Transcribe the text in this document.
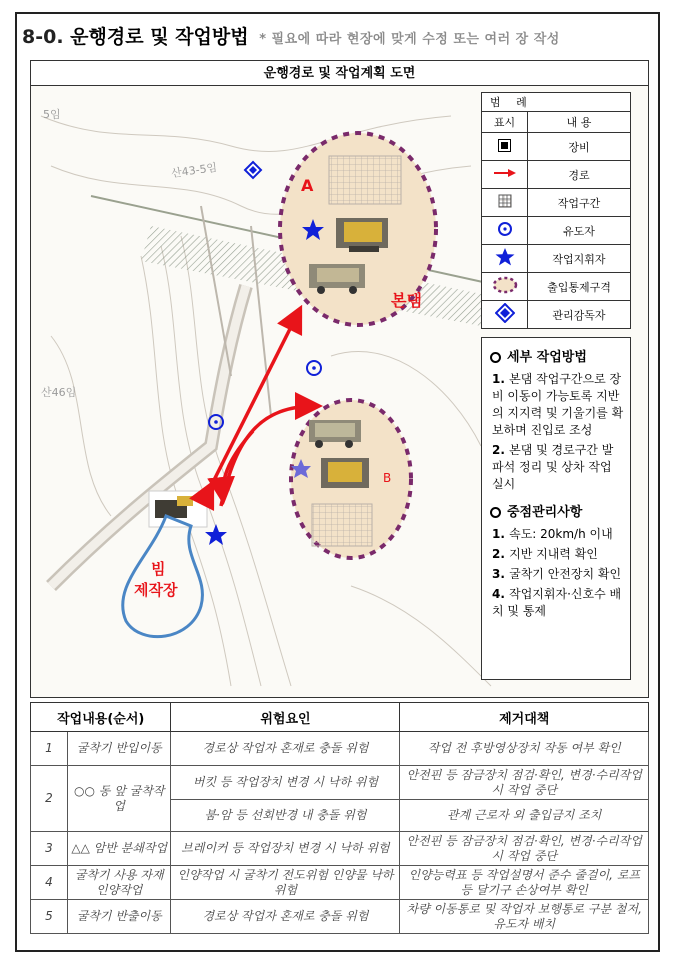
8-0. 운행경로 및 작업방법 * 필요에 따라 현장에 맞게 수정 또는 여러 장 작성
운행경로 및 작업계획 도면
A
B
본댐
빔
제작장
산43-5임
산46임
5임
범 례	
표시	내 용

	장비
	경로
	작업구간
	유도자
	작업지휘자
	출입통제구격
	관리감독자
세부 작업방법
1. 본댐 작업구간으로 장비 이동이 가능토록 지반의 지지력 및 기울기를 확보하며 진입로 조성
2. 본댐 및 경로구간 발파석 정리 및 상차 작업 실시
중점관리사항
1. 속도: 20km/h 이내
2. 지반 지내력 확인
3. 굴착기 안전장치 확인
4. 작업지휘자·신호수 배치 및 통제
작업내용(순서)		위험요인	제거대책
1	굴착기 반입이동	경로상 작업자 혼재로 충돌 위험	작업 전 후방영상장치 작동 여부 확인
2	○○ 동 앞 굴착작업	버킷 등 작업장치 변경 시 낙하 위험	안전핀 등 잠금장치 점검·확인, 변경·수리작업 시 작업 중단
		붐·암 등 선회반경 내 충돌 위험	관계 근로자 외 출입금지 조치
3	△△ 암반 분쇄작업	브레이커 등 작업장치 변경 시 낙하 위험	안전핀 등 잠금장치 점검·확인, 변경·수리작업 시 작업 중단
4	굴착기 사용 자재 인양작업	인양작업 시 굴착기 전도위험 인양물 낙하위험	인양능력표 등 작업설명서 준수 줄걸이, 로프 등 달기구 손상여부 확인
5	굴착기 반출이동	경로상 작업자 혼재로 충돌 위험	차량 이동통로 및 작업자 보행통로 구분 철저, 유도자 배치
